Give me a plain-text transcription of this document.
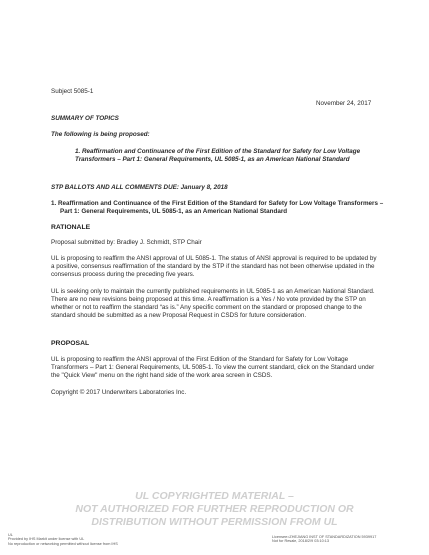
Subject 5085-1
November 24, 2017
SUMMARY OF TOPICS
The following is being proposed:
1. Reaffirmation and Continuance of the First Edition of the Standard for Safety for Low Voltage Transformers – Part 1: General Requirements, UL 5085-1, as an American National Standard
STP BALLOTS AND ALL COMMENTS DUE: January 8, 2018
1. Reaffirmation and Continuance of the First Edition of the Standard for Safety for Low Voltage Transformers – Part 1: General Requirements, UL 5085-1, as an American National Standard
RATIONALE
Proposal submitted by: Bradley J. Schmidt, STP Chair
UL is proposing to reaffirm the ANSI approval of UL 5085-1. The status of ANSI approval is required to be updated by a positive, consensus reaffirmation of the standard by the STP if the standard has not been otherwise updated in the consensus process during the preceding five years.
UL is seeking only to maintain the currently published requirements in UL 5085-1 as an American National Standard. There are no new revisions being proposed at this time. A reaffirmation is a Yes / No vote provided by the STP on whether or not to reaffirm the standard “as is.” Any specific comment on the standard or proposed change to the standard should be submitted as a new Proposal Request in CSDS for future consideration.
PROPOSAL
UL is proposing to reaffirm the ANSI approval of the First Edition of the Standard for Safety for Low Voltage Transformers – Part 1: General Requirements, UL 5085-1. To view the current standard, click on the Standard under the "Quick View" menu on the right hand side of the work area screen in CSDS.
Copyright © 2017 Underwriters Laboratories Inc.
UL COPYRIGHTED MATERIAL –
NOT AUTHORIZED FOR FURTHER REPRODUCTION OR
DISTRIBUTION WITHOUT PERMISSION FROM UL
UL
Provided by IHS Markit under license with UL
No reproduction or networking permitted without license from IHS
Licensee=ZHEJIANG INST OF STANDARDIZATION 5939917
Not for Resale, 2018/2/9 03:10:13
